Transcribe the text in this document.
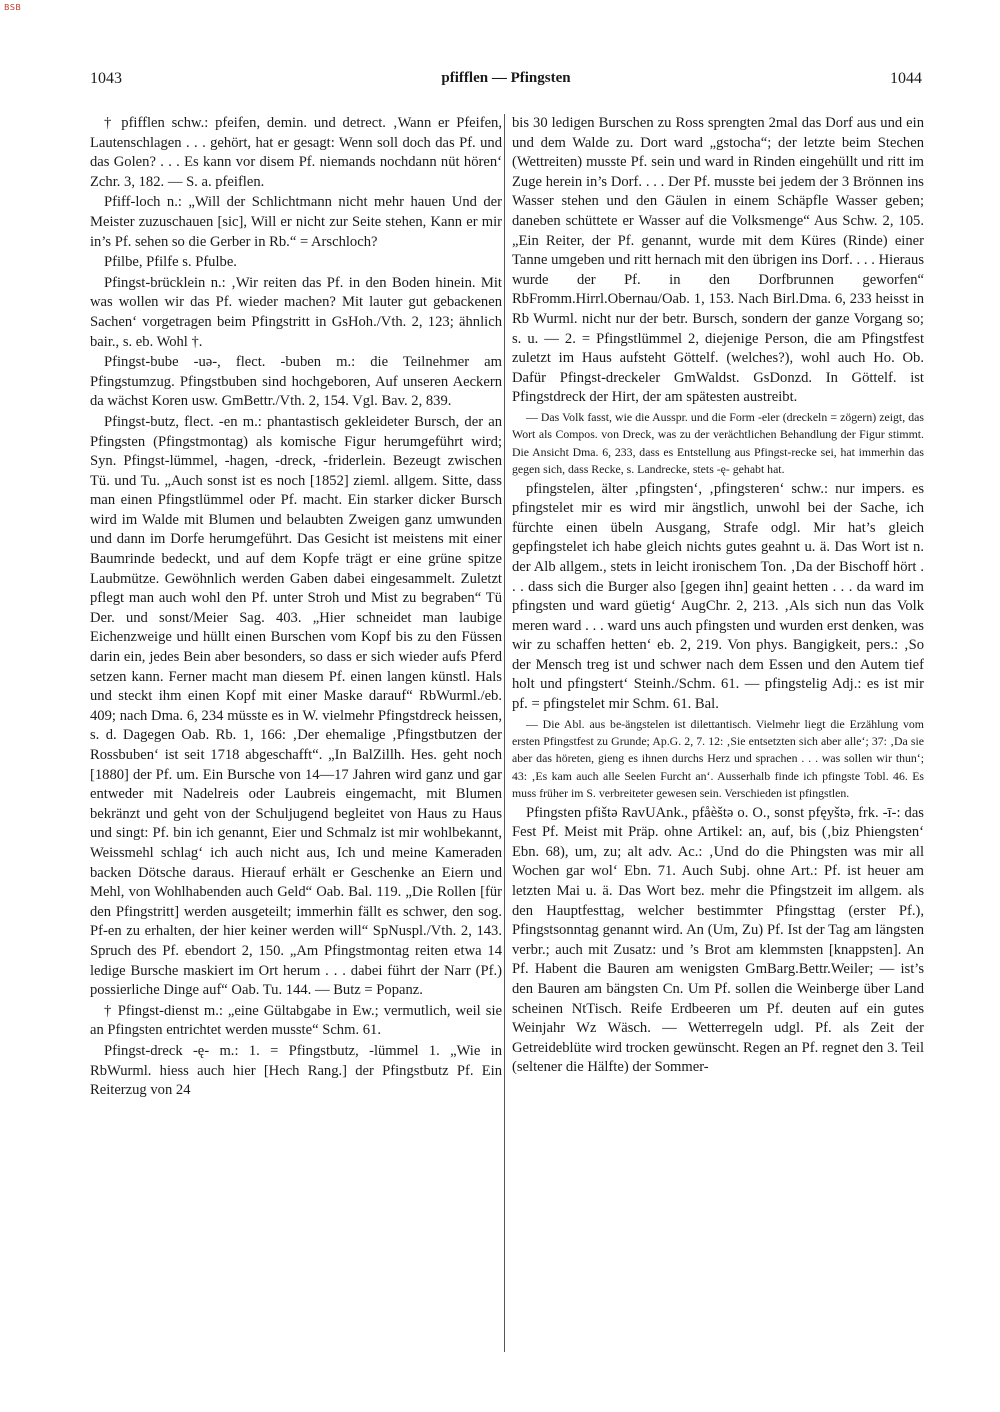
BSB
1043	pfifflen — Pfingsten	1044

† pfifflen schw.: pfeifen, demin. und detrect. ‚Wann er Pfeifen, Lautenschlagen . . . gehört, hat er gesagt: Wenn soll doch das Pf. und das Golen? . . . Es kann vor disem Pf. niemands nochdann nüt hören‘ Zchr. 3, 182. — S. a. pfeiflen.

Pfiff-loch n.: „Will der Schlichtmann nicht mehr hauen Und der Meister zuzuschauen [sic], Will er nicht zur Seite stehen, Kann er mir in’s Pf. sehen so die Gerber in Rb.“ = Arschloch?

Pfilbe, Pfilfe s. Pfulbe.

Pfingst-brücklein n.: ‚Wir reiten das Pf. in den Boden hinein. Mit was wollen wir das Pf. wieder machen? Mit lauter gut gebackenen Sachen‘ vorgetragen beim Pfingstritt in GsHoh./Vth. 2, 123; ähnlich bair., s. eb. Wohl †.

Pfingst-bube -uə-, flect. -buben m.: die Teilnehmer am Pfingstumzug. Pfingstbuben sind hochgeboren, Auf unseren Aeckern da wächst Koren usw. GmBettr./Vth. 2, 154. Vgl. Bav. 2, 839.

Pfingst-butz, flect. -en m.: phantastisch gekleideter Bursch, der an Pfingsten (Pfingstmontag) als komische Figur herumgeführt wird; Syn. Pfingst-lümmel, -hagen, -dreck, -friderlein. Bezeugt zwischen Tü. und Tu. „Auch sonst ist es noch [1852] zieml. allgem. Sitte, dass man einen Pfingstlümmel oder Pf. macht. Ein starker dicker Bursch wird im Walde mit Blumen und belaubten Zweigen ganz umwunden und dann im Dorfe herumgeführt. Das Gesicht ist meistens mit einer Baumrinde bedeckt, und auf dem Kopfe trägt er eine grüne spitze Laubmütze. Gewöhnlich werden Gaben dabei eingesammelt. Zuletzt pflegt man auch wohl den Pf. unter Stroh und Mist zu begraben“ Tü Der. und sonst/Meier Sag. 403. „Hier schneidet man laubige Eichenzweige und hüllt einen Burschen vom Kopf bis zu den Füssen darin ein, jedes Bein aber besonders, so dass er sich wieder aufs Pferd setzen kann. Ferner macht man diesem Pf. einen langen künstl. Hals und steckt ihm einen Kopf mit einer Maske darauf“ RbWurml./eb. 409; nach Dma. 6, 234 müsste es in W. vielmehr Pfingstdreck heissen, s. d. Dagegen Oab. Rb. 1, 166: ‚Der ehemalige ‚Pfingstbutzen der Rossbuben‘ ist seit 1718 abgeschafft“. „In BalZillh. Hes. geht noch [1880] der Pf. um. Ein Bursche von 14—17 Jahren wird ganz und gar entweder mit Nadelreis oder Laubreis eingemacht, mit Blumen bekränzt und geht von der Schuljugend begleitet von Haus zu Haus und singt: Pf. bin ich genannt, Eier und Schmalz ist mir wohlbekannt, Weissmehl schlag‘ ich auch nicht aus, Ich und meine Kameraden backen Dötsche daraus. Hierauf erhält er Geschenke an Eiern und Mehl, von Wohlhabenden auch Geld“ Oab. Bal. 119. „Die Rollen [für den Pfingstritt] werden ausgeteilt; immerhin fällt es schwer, den sog. Pf-en zu erhalten, der hier keiner werden will“ SpNuspl./Vth. 2, 143. Spruch des Pf. ebendort 2, 150. „Am Pfingstmontag reiten etwa 14 ledige Bursche maskiert im Ort herum . . . dabei führt der Narr (Pf.) possierliche Dinge auf“ Oab. Tu. 144. — Butz = Popanz.

† Pfingst-dienst m.: „eine Gültabgabe in Ew.; vermutlich, weil sie an Pfingsten entrichtet werden musste“ Schm. 61.

Pfingst-dreck -ę- m.: 1. = Pfingstbutz, -lümmel 1. „Wie in RbWurml. hiess auch hier [Hech Rang.] der Pfingstbutz Pf. Ein Reiterzug von 24

bis 30 ledigen Burschen zu Ross sprengten 2mal das Dorf aus und ein und dem Walde zu. Dort ward „gstocha“; der letzte beim Stechen (Wettreiten) musste Pf. sein und ward in Rinden eingehüllt und ritt im Zuge herein in’s Dorf. . . . Der Pf. musste bei jedem der 3 Brönnen ins Wasser stehen und den Gäulen in einem Schäpfle Wasser geben; daneben schüttete er Wasser auf die Volksmenge“ Aus Schw. 2, 105. „Ein Reiter, der Pf. genannt, wurde mit dem Küres (Rinde) einer Tanne umgeben und ritt hernach mit den übrigen ins Dorf. . . . Hieraus wurde der Pf. in den Dorfbrunnen geworfen“ RbFromm.Hirrl.Obernau/Oab. 1, 153. Nach Birl.Dma. 6, 233 heisst in Rb Wurml. nicht nur der betr. Bursch, sondern der ganze Vorgang so; s. u. — 2. = Pfingstlümmel 2, diejenige Person, die am Pfingstfest zuletzt im Haus aufsteht Göttelf. (welches?), wohl auch Ho. Ob. Dafür Pfingst-dreckeler GmWaldst. GsDonzd. In Göttelf. ist Pfingstdreck der Hirt, der am spätesten austreibt.

— Das Volk fasst, wie die Ausspr. und die Form -eler (dreckeln = zögern) zeigt, das Wort als Compos. von Dreck, was zu der verächtlichen Behandlung der Figur stimmt. Die Ansicht Dma. 6, 233, dass es Entstellung aus Pfingst-recke sei, hat immerhin das gegen sich, dass Recke, s. Landrecke, stets -ę- gehabt hat.

pfingstelen, älter ‚pfingsten‘, ‚pfingsteren‘ schw.: nur impers. es pfingstelet mir es wird mir ängstlich, unwohl bei der Sache, ich fürchte einen übeln Ausgang, Strafe odgl. Mir hat’s gleich gepfingstelet ich habe gleich nichts gutes geahnt u. ä. Das Wort ist n. der Alb allgem., stets in leicht ironischem Ton. ‚Da der Bischoff hört . . . dass sich die Burger also [gegen ihn] geaint hetten . . . da ward im pfingsten und ward güetig‘ AugChr. 2, 213. ‚Als sich nun das Volk meren ward . . . ward uns auch pfingsten und wurden erst denken, was wir zu schaffen hetten‘ eb. 2, 219. Von phys. Bangigkeit, pers.: ‚So der Mensch treg ist und schwer nach dem Essen und den Autem tief holt und pfingstert‘ Steinh./Schm. 61. — pfingstelig Adj.: es ist mir pf. = pfingstelet mir Schm. 61. Bal.

— Die Abl. aus be-ängstelen ist dilettantisch. Vielmehr liegt die Erzählung vom ersten Pfingstfest zu Grunde; Ap.G. 2, 7. 12: ‚Sie entsetzten sich aber alle‘; 37: ‚Da sie aber das höreten, gieng es ihnen durchs Herz und sprachen . . . was sollen wir thun‘; 43: ‚Es kam auch alle Seelen Furcht an‘. Ausserhalb finde ich pfingste Tobl. 46. Es muss früher im S. verbreiteter gewesen sein. Verschieden ist pfingstlen.

Pfingsten pfištə RavUAnk., pfåèštə o. O., sonst pfęyštə, frk. -ī-: das Fest Pf. Meist mit Präp. ohne Artikel: an, auf, bis (‚biz Phiengsten‘ Ebn. 68), um, zu; alt adv. Ac.: ‚Und do die Phingsten was mir all Wochen gar wol‘ Ebn. 71. Auch Subj. ohne Art.: Pf. ist heuer am letzten Mai u. ä. Das Wort bez. mehr die Pfingstzeit im allgem. als den Hauptfesttag, welcher bestimmter Pfingsttag (erster Pf.), Pfingstsonntag genannt wird. An (Um, Zu) Pf. Ist der Tag am längsten verbr.; auch mit Zusatz: und ’s Brot am klemmsten [knappsten]. An Pf. Habent die Bauren am wenigsten GmBarg.Bettr.Weiler; — ist’s den Bauren am bängsten Cn. Um Pf. sollen die Weinberge über Land scheinen NtTisch. Reife Erdbeeren um Pf. deuten auf ein gutes Weinjahr Wz Wäsch. — Wetterregeln udgl. Pf. als Zeit der Getreideblüte wird trocken gewünscht. Regen an Pf. regnet den 3. Teil (seltener die Hälfte) der Sommer-
